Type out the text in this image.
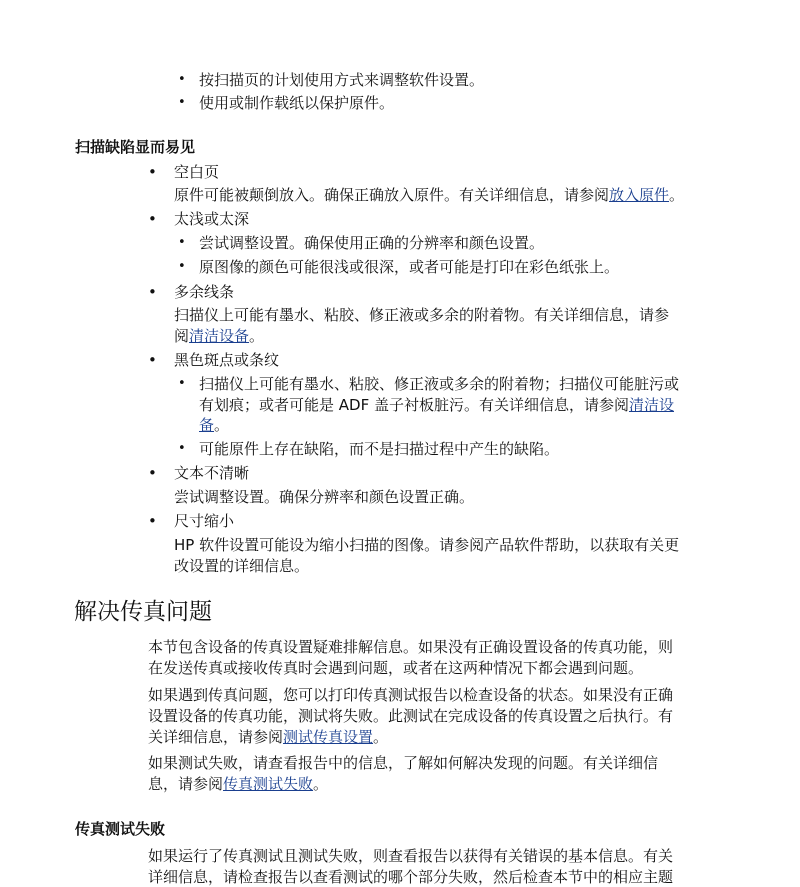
• 按扫描页的计划使用方式来调整软件设置。
• 使用或制作载纸以保护原件。
扫描缺陷显而易见
• 空白页
原件可能被颠倒放入。确保正确放入原件。有关详细信息，请参阅放入原件。
• 太浅或太深
• 尝试调整设置。确保使用正确的分辨率和颜色设置。
• 原图像的颜色可能很浅或很深，或者可能是打印在彩色纸张上。
• 多余线条
扫描仪上可能有墨水、粘胶、修正液或多余的附着物。有关详细信息，请参
阅清洁设备。
• 黑色斑点或条纹
• 扫描仪上可能有墨水、粘胶、修正液或多余的附着物；扫描仪可能脏污或
有划痕；或者可能是 ADF 盖子衬板脏污。有关详细信息，请参阅清洁设
备。
• 可能原件上存在缺陷，而不是扫描过程中产生的缺陷。
• 文本不清晰
尝试调整设置。确保分辨率和颜色设置正确。
• 尺寸缩小
HP 软件设置可能设为缩小扫描的图像。请参阅产品软件帮助，以获取有关更
改设置的详细信息。
解决传真问题
本节包含设备的传真设置疑难排解信息。如果没有正确设置设备的传真功能，则
在发送传真或接收传真时会遇到问题，或者在这两种情况下都会遇到问题。
如果遇到传真问题，您可以打印传真测试报告以检查设备的状态。如果没有正确
设置设备的传真功能，测试将失败。此测试在完成设备的传真设置之后执行。有
关详细信息，请参阅测试传真设置。
如果测试失败，请查看报告中的信息，了解如何解决发现的问题。有关详细信
息，请参阅传真测试失败。
传真测试失败
如果运行了传真测试且测试失败，则查看报告以获得有关错误的基本信息。有关
详细信息，请检查报告以查看测试的哪个部分失败，然后检查本节中的相应主题
